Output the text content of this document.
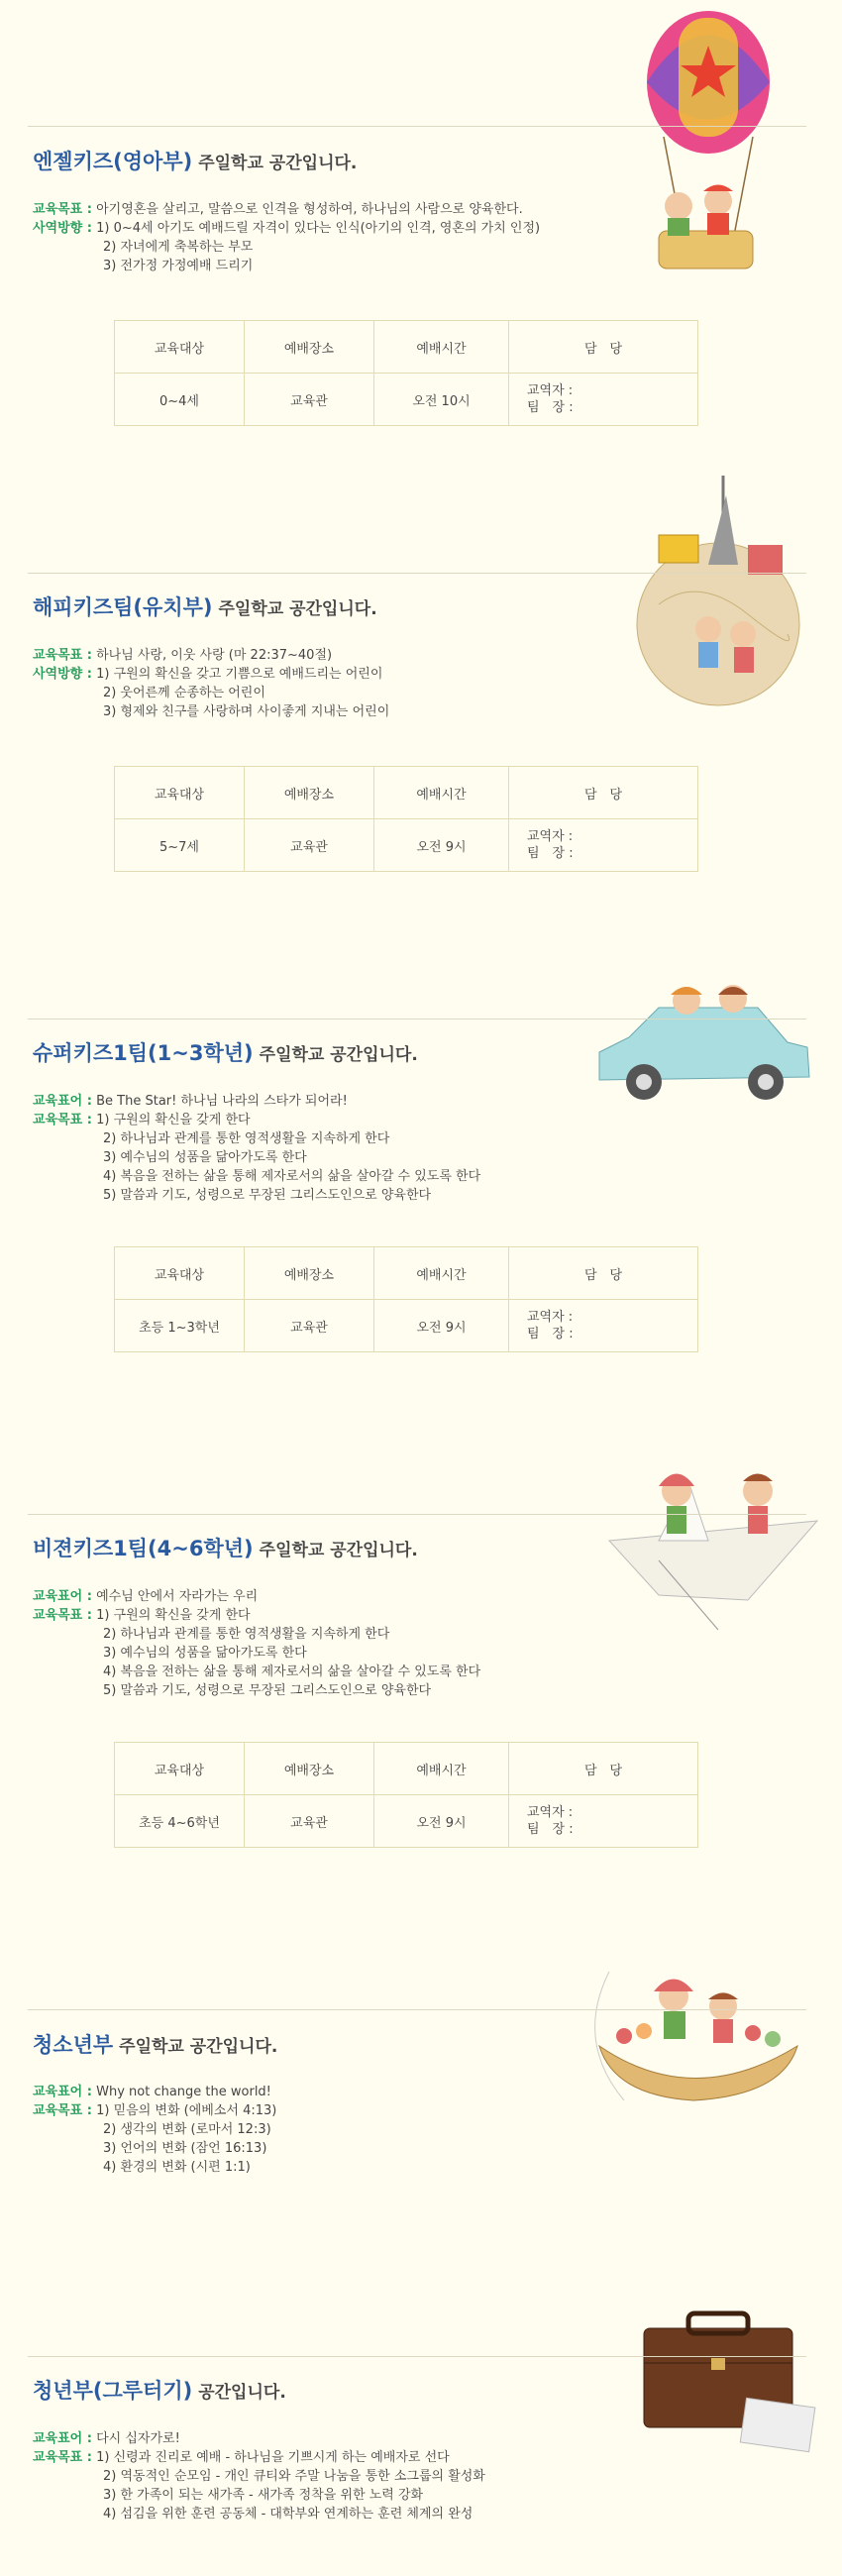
엔젤키즈(영아부) 주일학교 공간입니다.
교육목표 : 아기영혼을 살리고, 말씀으로 인격을 형성하여, 하나님의 사람으로 양육한다.
사역방향 : 1) 0~4세 아기도 예배드릴 자격이 있다는 인식(아기의 인격, 영혼의 가치 인정)
2) 자녀에게 축복하는 부모
3) 전가정 가정예배 드리기
교육대상	예배장소	예배시간	담　당
0~4세	교육관	오전 10시	교역자 :
팀　장 :
해피키즈팀(유치부) 주일학교 공간입니다.
교육목표 : 하나님 사랑, 이웃 사랑 (마 22:37~40절)
사역방향 : 1) 구원의 확신을 갖고 기쁨으로 예배드리는 어린이
2) 웃어른께 순종하는 어린이
3) 형제와 친구를 사랑하며 사이좋게 지내는 어린이
교육대상	예배장소	예배시간	담　당
5~7세	교육관	오전 9시	교역자 :
팀　장 :
슈퍼키즈1팀(1~3학년) 주일학교 공간입니다.
교육표어 : Be The Star! 하나님 나라의 스타가 되어라!
교육목표 : 1) 구원의 확신을 갖게 한다
2) 하나님과 관계를 통한 영적생활을 지속하게 한다
3) 예수님의 성품을 닮아가도록 한다
4) 복음을 전하는 삶을 통해 제자로서의 삶을 살아갈 수 있도록 한다
5) 말씀과 기도, 성령으로 무장된 그리스도인으로 양육한다
교육대상	예배장소	예배시간	담　당
초등 1~3학년	교육관	오전 9시	교역자 :
팀　장 :
비젼키즈1팀(4~6학년) 주일학교 공간입니다.
교육표어 : 예수님 안에서 자라가는 우리
교육목표 : 1) 구원의 확신을 갖게 한다
2) 하나님과 관계를 통한 영적생활을 지속하게 한다
3) 예수님의 성품을 닮아가도록 한다
4) 복음을 전하는 삶을 통해 제자로서의 삶을 살아갈 수 있도록 한다
5) 말씀과 기도, 성령으로 무장된 그리스도인으로 양육한다
교육대상	예배장소	예배시간	담　당
초등 4~6학년	교육관	오전 9시	교역자 :
팀　장 :
청소년부 주일학교 공간입니다.
교육표어 : Why not change the world!
교육목표 : 1) 믿음의 변화 (에베소서 4:13)
2) 생각의 변화 (로마서 12:3)
3) 언어의 변화 (잠언 16:13)
4) 환경의 변화 (시편 1:1)
청년부(그루터기) 공간입니다.
교육표어 : 다시 십자가로!
교육목표 : 1) 신령과 진리로 예배 - 하나님을 기쁘시게 하는 예배자로 선다
2) 역동적인 순모임 - 개인 큐티와 주말 나눔을 통한 소그룹의 활성화
3) 한 가족이 되는 새가족 - 새가족 정착을 위한 노력 강화
4) 섬김을 위한 훈련 공동체 - 대학부와 연계하는 훈련 체계의 완성
